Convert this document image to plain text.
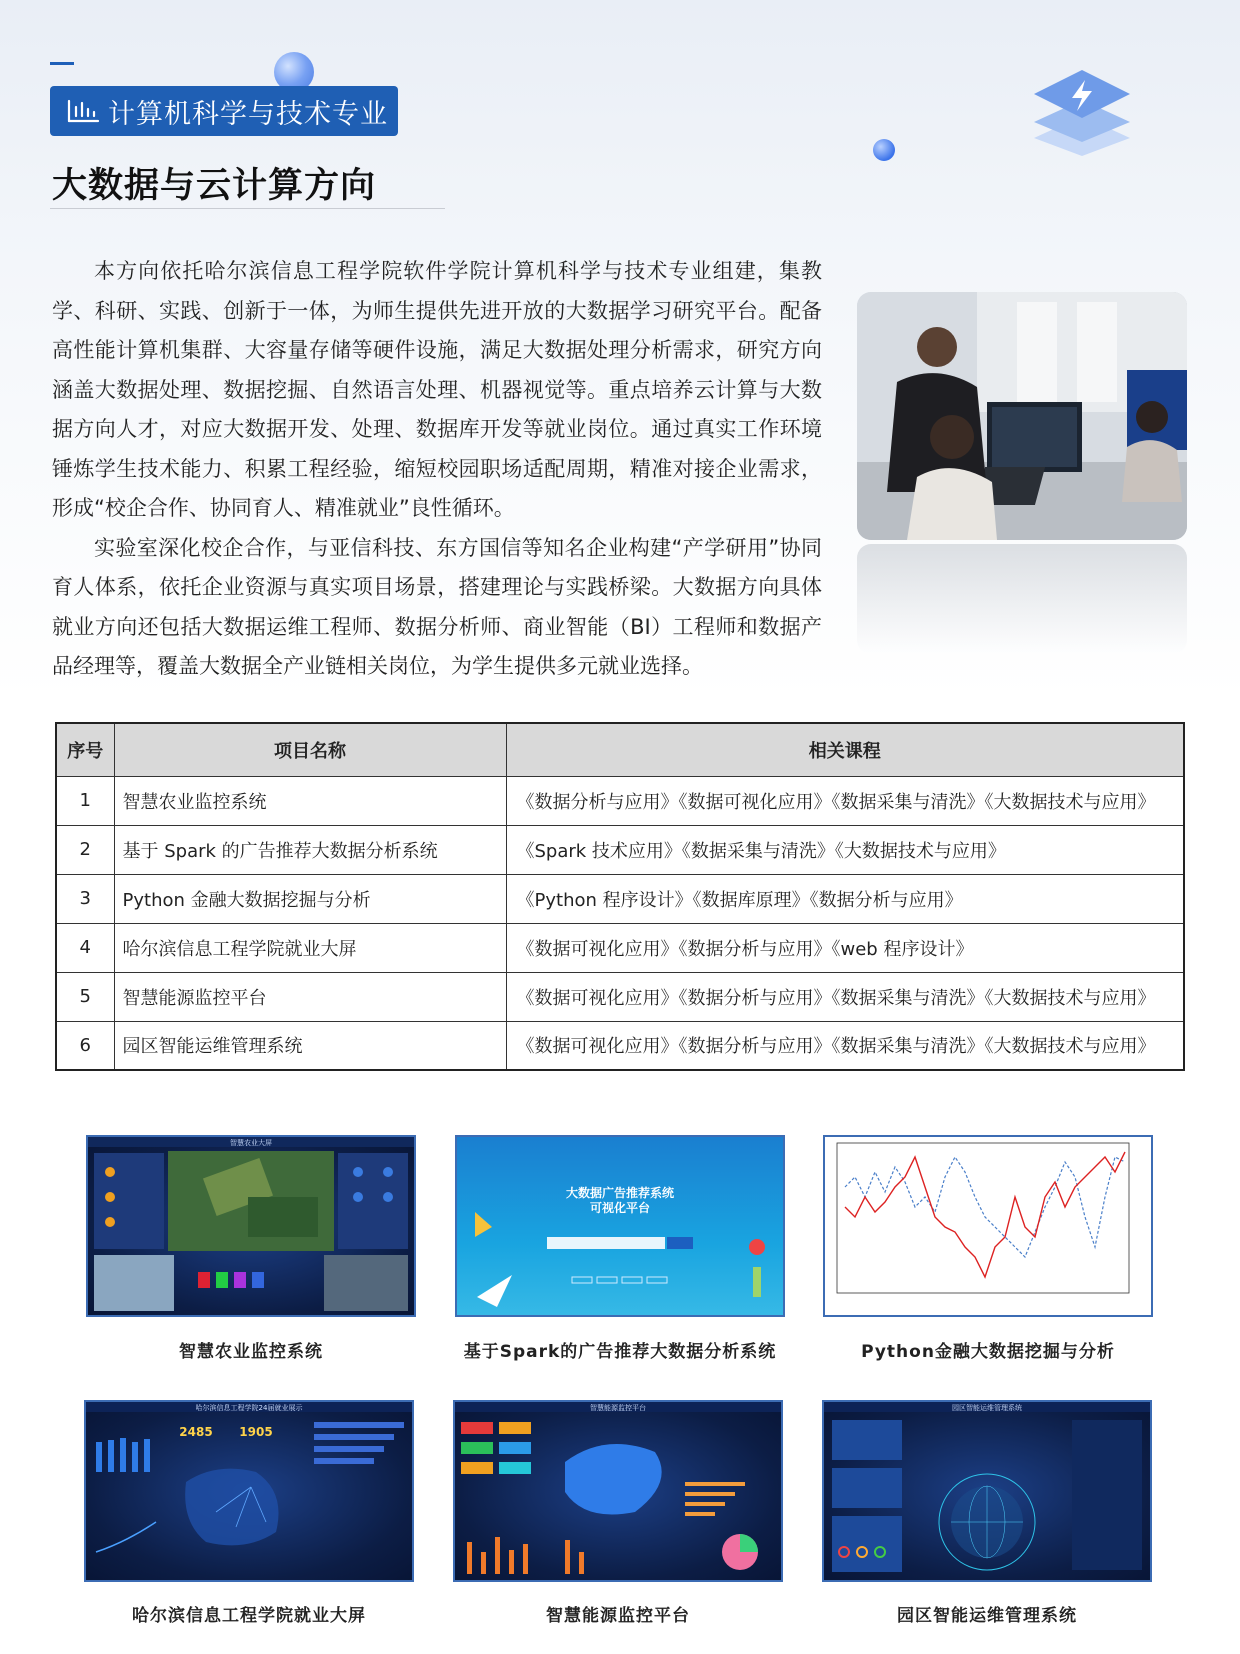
计算机科学与技术专业
大数据与云计算方向

本方向依托哈尔滨信息工程学院软件学院计算机科学与技术专业组建，集教学、科研、实践、创新于一体，为师生提供先进开放的大数据学习研究平台。配备高性能计算机集群、大容量存储等硬件设施，满足大数据处理分析需求，研究方向涵盖大数据处理、数据挖掘、自然语言处理、机器视觉等。重点培养云计算与大数据方向人才，对应大数据开发、处理、数据库开发等就业岗位。通过真实工作环境锤炼学生技术能力、积累工程经验，缩短校园职场适配周期，精准对接企业需求，形成“校企合作、协同育人、精准就业”良性循环。

实验室深化校企合作，与亚信科技、东方国信等知名企业构建“产学研用”协同育人体系，依托企业资源与真实项目场景，搭建理论与实践桥梁。大数据方向具体就业方向还包括大数据运维工程师、数据分析师、商业智能（BI）工程师和数据产品经理等，覆盖大数据全产业链相关岗位，为学生提供多元就业选择。

序号	项目名称	相关课程
1	智慧农业监控系统	《数据分析与应用》《数据可视化应用》《数据采集与清洗》《大数据技术与应用》
2	基于 Spark 的广告推荐大数据分析系统	《Spark 技术应用》《数据采集与清洗》《大数据技术与应用》
3	Python 金融大数据挖掘与分析	《Python 程序设计》《数据库原理》《数据分析与应用》
4	哈尔滨信息工程学院就业大屏	《数据可视化应用》《数据分析与应用》《web 程序设计》
5	智慧能源监控平台	《数据可视化应用》《数据分析与应用》《数据采集与清洗》《大数据技术与应用》
6	园区智能运维管理系统	《数据可视化应用》《数据分析与应用》《数据采集与清洗》《大数据技术与应用》
智慧农业大屏
智慧农业监控系统
大数据广告推荐系统
可视化平台
基于Spark的广告推荐大数据分析系统	Python金融大数据挖掘与分析
哈尔滨信息工程学院24届就业展示
2485 1905
哈尔滨信息工程学院就业大屏
智慧能源监控平台
智慧能源监控平台
园区智能运维管理系统
园区智能运维管理系统
